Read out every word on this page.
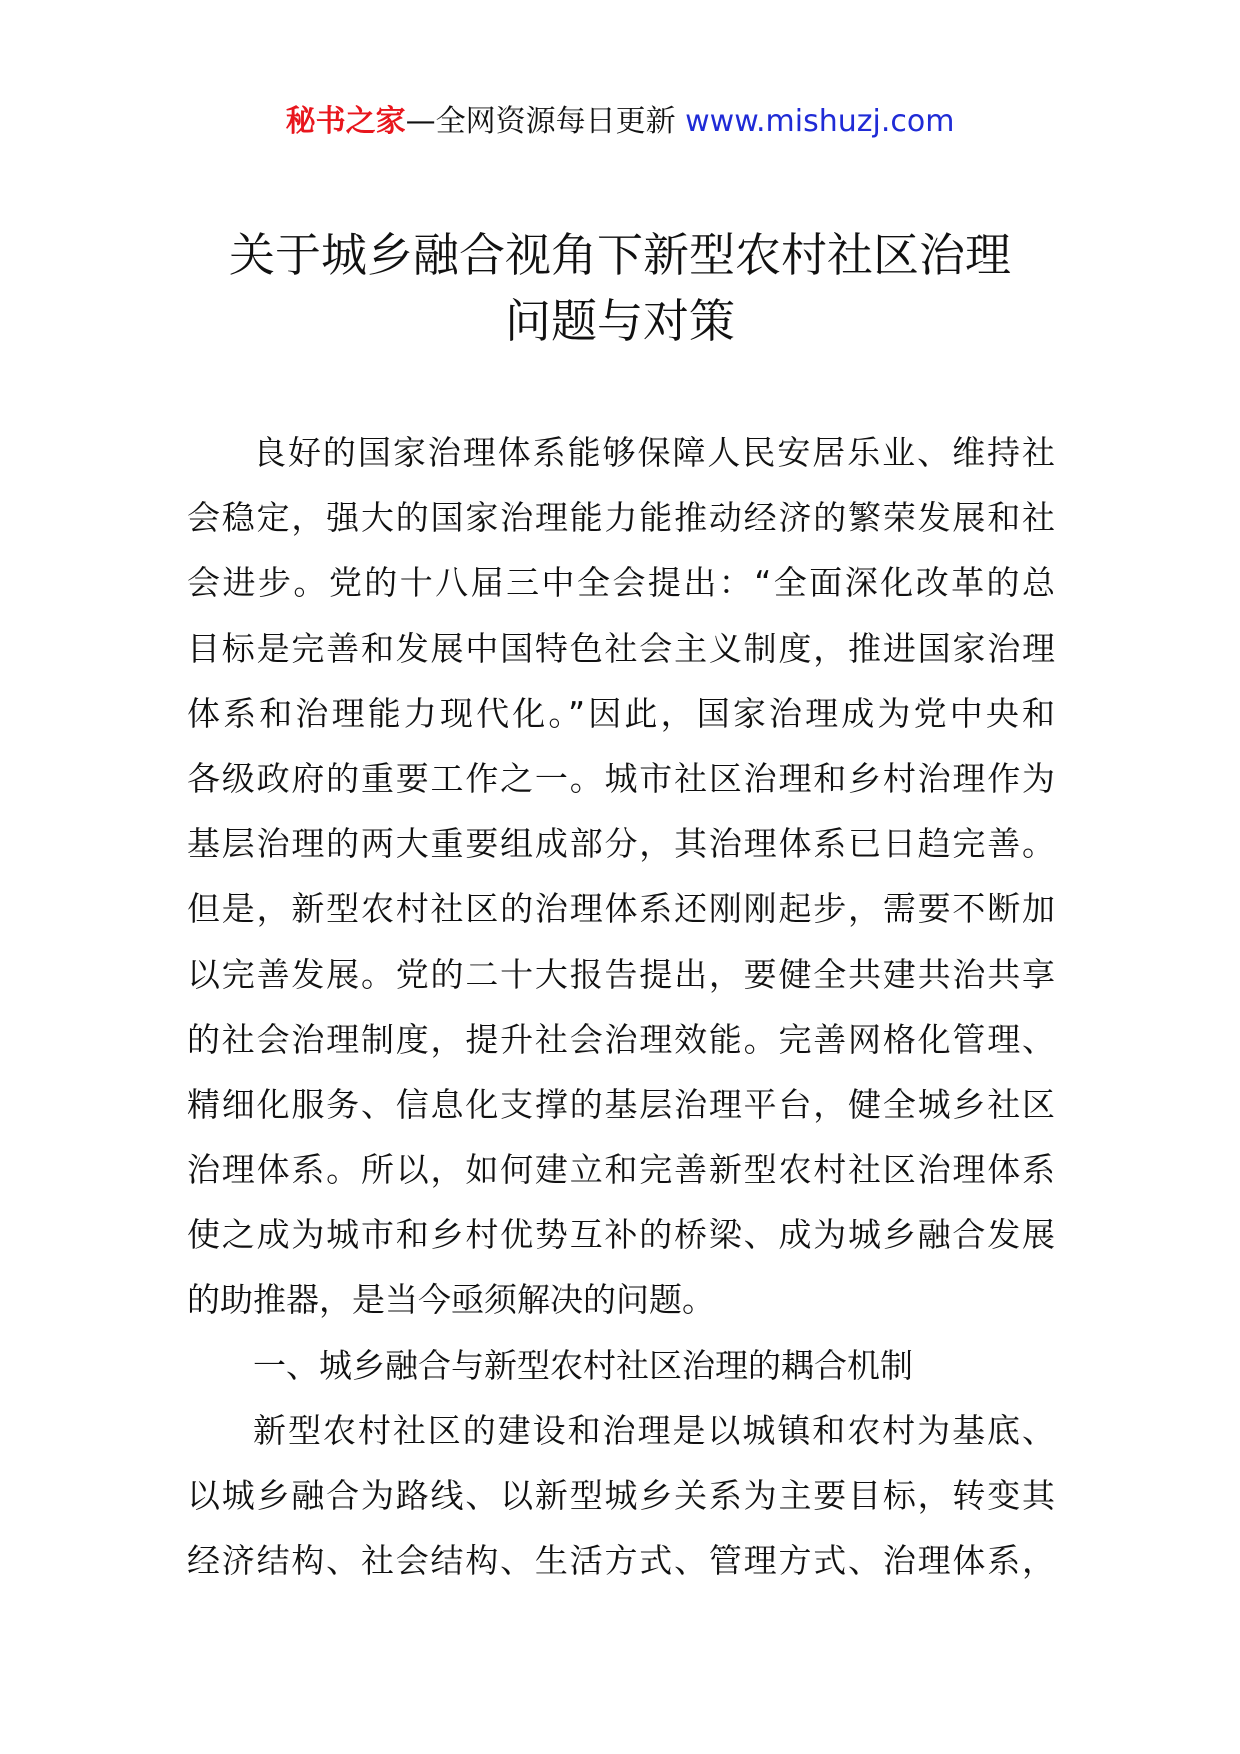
秘书之家—全网资源每日更新 www.mishuzj.com
关于城乡融合视角下新型农村社区治理
问题与对策
良好的国家治理体系能够保障人民安居乐业、维持社
会稳定，强大的国家治理能力能推动经济的繁荣发展和社
会进步。党的十八届三中全会提出：“全面深化改革的总
目标是完善和发展中国特色社会主义制度，推进国家治理
体系和治理能力现代化。”因此，国家治理成为党中央和
各级政府的重要工作之一。城市社区治理和乡村治理作为
基层治理的两大重要组成部分，其治理体系已日趋完善。
但是，新型农村社区的治理体系还刚刚起步，需要不断加
以完善发展。党的二十大报告提出，要健全共建共治共享
的社会治理制度，提升社会治理效能。完善网格化管理、
精细化服务、信息化支撑的基层治理平台，健全城乡社区
治理体系。所以，如何建立和完善新型农村社区治理体系
使之成为城市和乡村优势互补的桥梁、成为城乡融合发展
的助推器，是当今亟须解决的问题。
一、城乡融合与新型农村社区治理的耦合机制
新型农村社区的建设和治理是以城镇和农村为基底、
以城乡融合为路线、以新型城乡关系为主要目标，转变其
经济结构、社会结构、生活方式、管理方式、治理体系，
